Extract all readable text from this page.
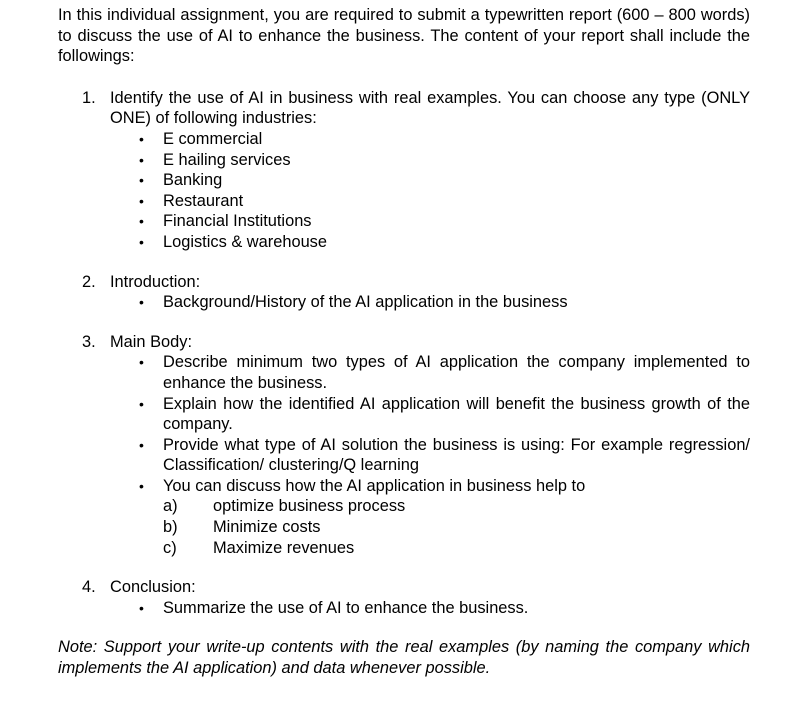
In this individual assignment, you are required to submit a typewritten report (600 – 800 words) to discuss the use of AI to enhance the business. The content of your report shall include the followings:

1. Identify the use of AI in business with real examples. You can choose any type (ONLY ONE) of following industries:
• E commercial
• E hailing services
• Banking
• Restaurant
• Financial Institutions
• Logistics & warehouse
2. Introduction:
• Background/History of the AI application in the business
3. Main Body:
• Describe minimum two types of AI application the company implemented to enhance the business.
• Explain how the identified AI application will benefit the business growth of the company.
• Provide what type of AI solution the business is using: For example regression/ Classification/ clustering/Q learning
• You can discuss how the AI application in business help to
a) optimize business process
b) Minimize costs
c) Maximize revenues
4. Conclusion:
• Summarize the use of AI to enhance the business.

Note: Support your write-up contents with the real examples (by naming the company which implements the AI application) and data whenever possible.
